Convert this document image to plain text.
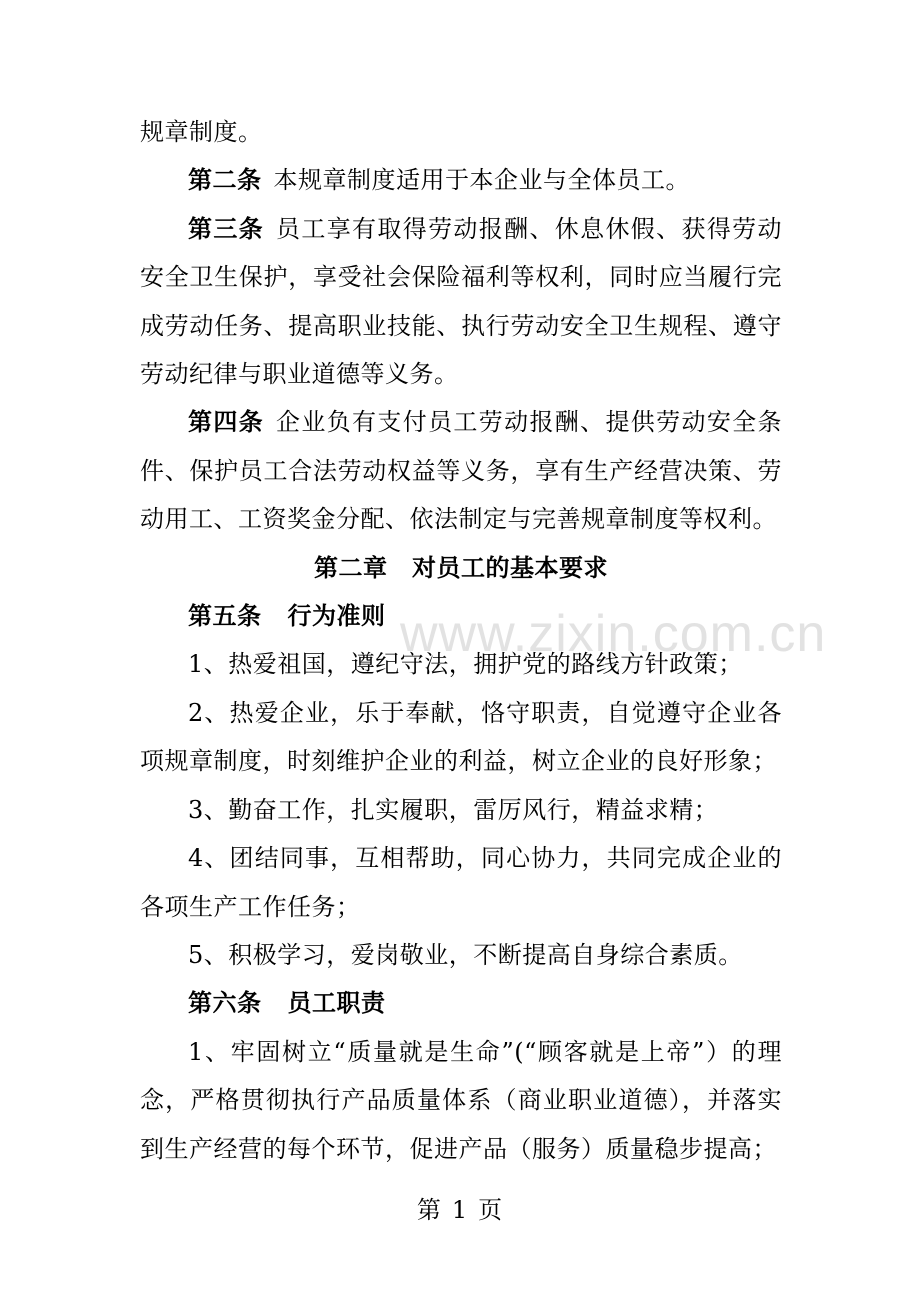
规章制度。

第二条 本规章制度适用于本企业与全体员工。

第三条 员工享有取得劳动报酬、休息休假、获得劳动安全卫生保护，享受社会保险福利等权利，同时应当履行完成劳动任务、提高职业技能、执行劳动安全卫生规程、遵守劳动纪律与职业道德等义务。

第四条 企业负有支付员工劳动报酬、提供劳动安全条件、保护员工合法劳动权益等义务，享有生产经营决策、劳动用工、工资奖金分配、依法制定与完善规章制度等权利。

第二章　 对员工的基本要求

第五条 行为准则

1、热爱祖国，遵纪守法，拥护党的路线方针政策；

2、热爱企业，乐于奉献，恪守职责，自觉遵守企业各项规章制度，时刻维护企业的利益，树立企业的良好形象；

3、勤奋工作，扎实履职，雷厉风行，精益求精；

4、团结同事，互相帮助，同心协力，共同完成企业的各项生产工作任务；

5、积极学习，爱岗敬业，不断提高自身综合素质。

第六条 员工职责

1、牢固树立“质量就是生命”(“顾客就是上帝”）的理念，严格贯彻执行产品质量体系（商业职业道德），并落实到生产经营的每个环节，促进产品（服务）质量稳步提高；

www.zixin.com.cn
第 1 页
